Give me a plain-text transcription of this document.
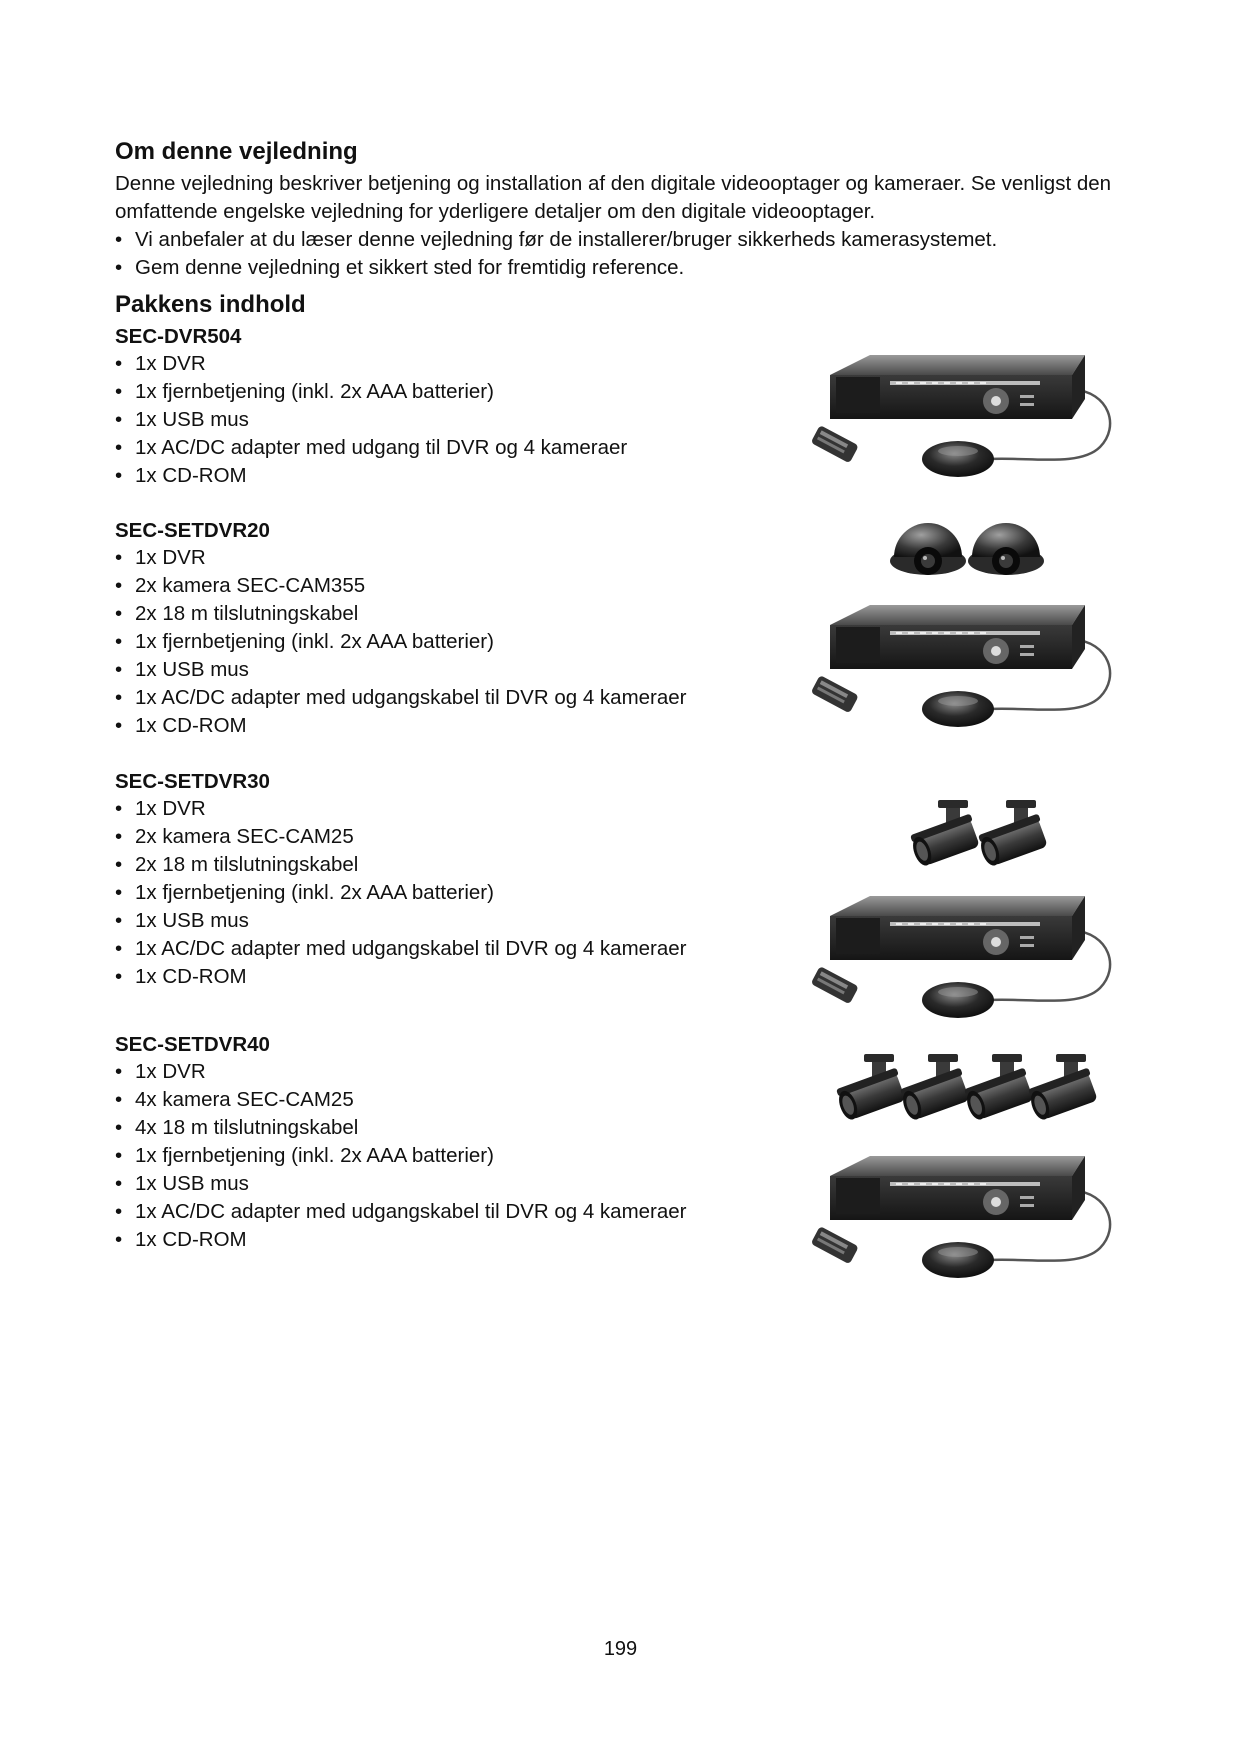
Om denne vejledning
Denne vejledning beskriver betjening og installation af den digitale videooptager og kameraer. Se venligst den omfattende engelske vejledning for yderligere detaljer om den digitale videooptager.
• Vi anbefaler at du læser denne vejledning før de installerer/bruger sikkerheds kamerasystemet.
• Gem denne vejledning et sikkert sted for fremtidig reference.
Pakkens indhold
SEC-DVR504
• 1x DVR
• 1x fjernbetjening (inkl. 2x AAA batterier)
• 1x USB mus
• 1x AC/DC adapter med udgang til DVR og 4 kameraer
• 1x CD-ROM
SEC-SETDVR20
• 1x DVR
• 2x kamera SEC-CAM355
• 2x 18 m tilslutningskabel
• 1x fjernbetjening (inkl. 2x AAA batterier)
• 1x USB mus
• 1x AC/DC adapter med udgangskabel til DVR og 4 kameraer
• 1x CD-ROM
SEC-SETDVR30
• 1x DVR
• 2x kamera SEC-CAM25
• 2x 18 m tilslutningskabel
• 1x fjernbetjening (inkl. 2x AAA batterier)
• 1x USB mus
• 1x AC/DC adapter med udgangskabel til DVR og 4 kameraer
• 1x CD-ROM
SEC-SETDVR40
• 1x DVR
• 4x kamera SEC-CAM25
• 4x 18 m tilslutningskabel
• 1x fjernbetjening (inkl. 2x AAA batterier)
• 1x USB mus
• 1x AC/DC adapter med udgangskabel til DVR og 4 kameraer
• 1x CD-ROM
199
